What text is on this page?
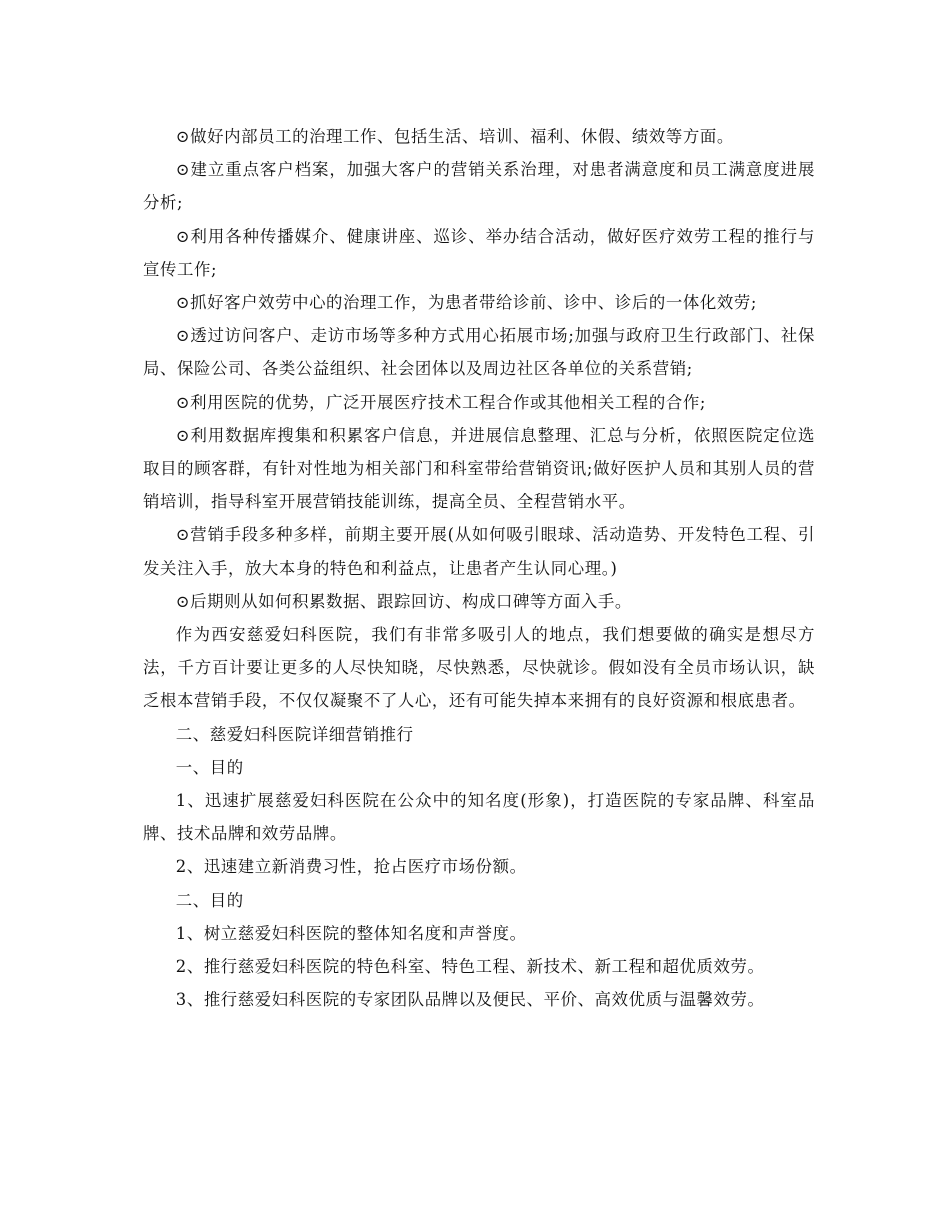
⊙做好内部员工的治理工作、包括生活、培训、福利、休假、绩效等方面。

⊙建立重点客户档案，加强大客户的营销关系治理，对患者满意度和员工满意度进展分析;

⊙利用各种传播媒介、健康讲座、巡诊、举办结合活动，做好医疗效劳工程的推行与宣传工作;

⊙抓好客户效劳中心的治理工作，为患者带给诊前、诊中、诊后的一体化效劳;

⊙透过访问客户、走访市场等多种方式用心拓展市场;加强与政府卫生行政部门、社保局、保险公司、各类公益组织、社会团体以及周边社区各单位的关系营销;

⊙利用医院的优势，广泛开展医疗技术工程合作或其他相关工程的合作;

⊙利用数据库搜集和积累客户信息，并进展信息整理、汇总与分析，依照医院定位选取目的顾客群，有针对性地为相关部门和科室带给营销资讯;做好医护人员和其别人员的营销培训，指导科室开展营销技能训练，提高全员、全程营销水平。

⊙营销手段多种多样，前期主要开展(从如何吸引眼球、活动造势、开发特色工程、引发关注入手，放大本身的特色和利益点，让患者产生认同心理。)

⊙后期则从如何积累数据、跟踪回访、构成口碑等方面入手。

作为西安慈爱妇科医院，我们有非常多吸引人的地点，我们想要做的确实是想尽方法，千方百计要让更多的人尽快知晓，尽快熟悉，尽快就诊。假如没有全员市场认识，缺乏根本营销手段，不仅仅凝聚不了人心，还有可能失掉本来拥有的良好资源和根底患者。

二、慈爱妇科医院详细营销推行

一、目的

1、迅速扩展慈爱妇科医院在公众中的知名度(形象)，打造医院的专家品牌、科室品牌、技术品牌和效劳品牌。

2、迅速建立新消费习性，抢占医疗市场份额。

二、目的

1、树立慈爱妇科医院的整体知名度和声誉度。

2、推行慈爱妇科医院的特色科室、特色工程、新技术、新工程和超优质效劳。

3、推行慈爱妇科医院的专家团队品牌以及便民、平价、高效优质与温馨效劳。
